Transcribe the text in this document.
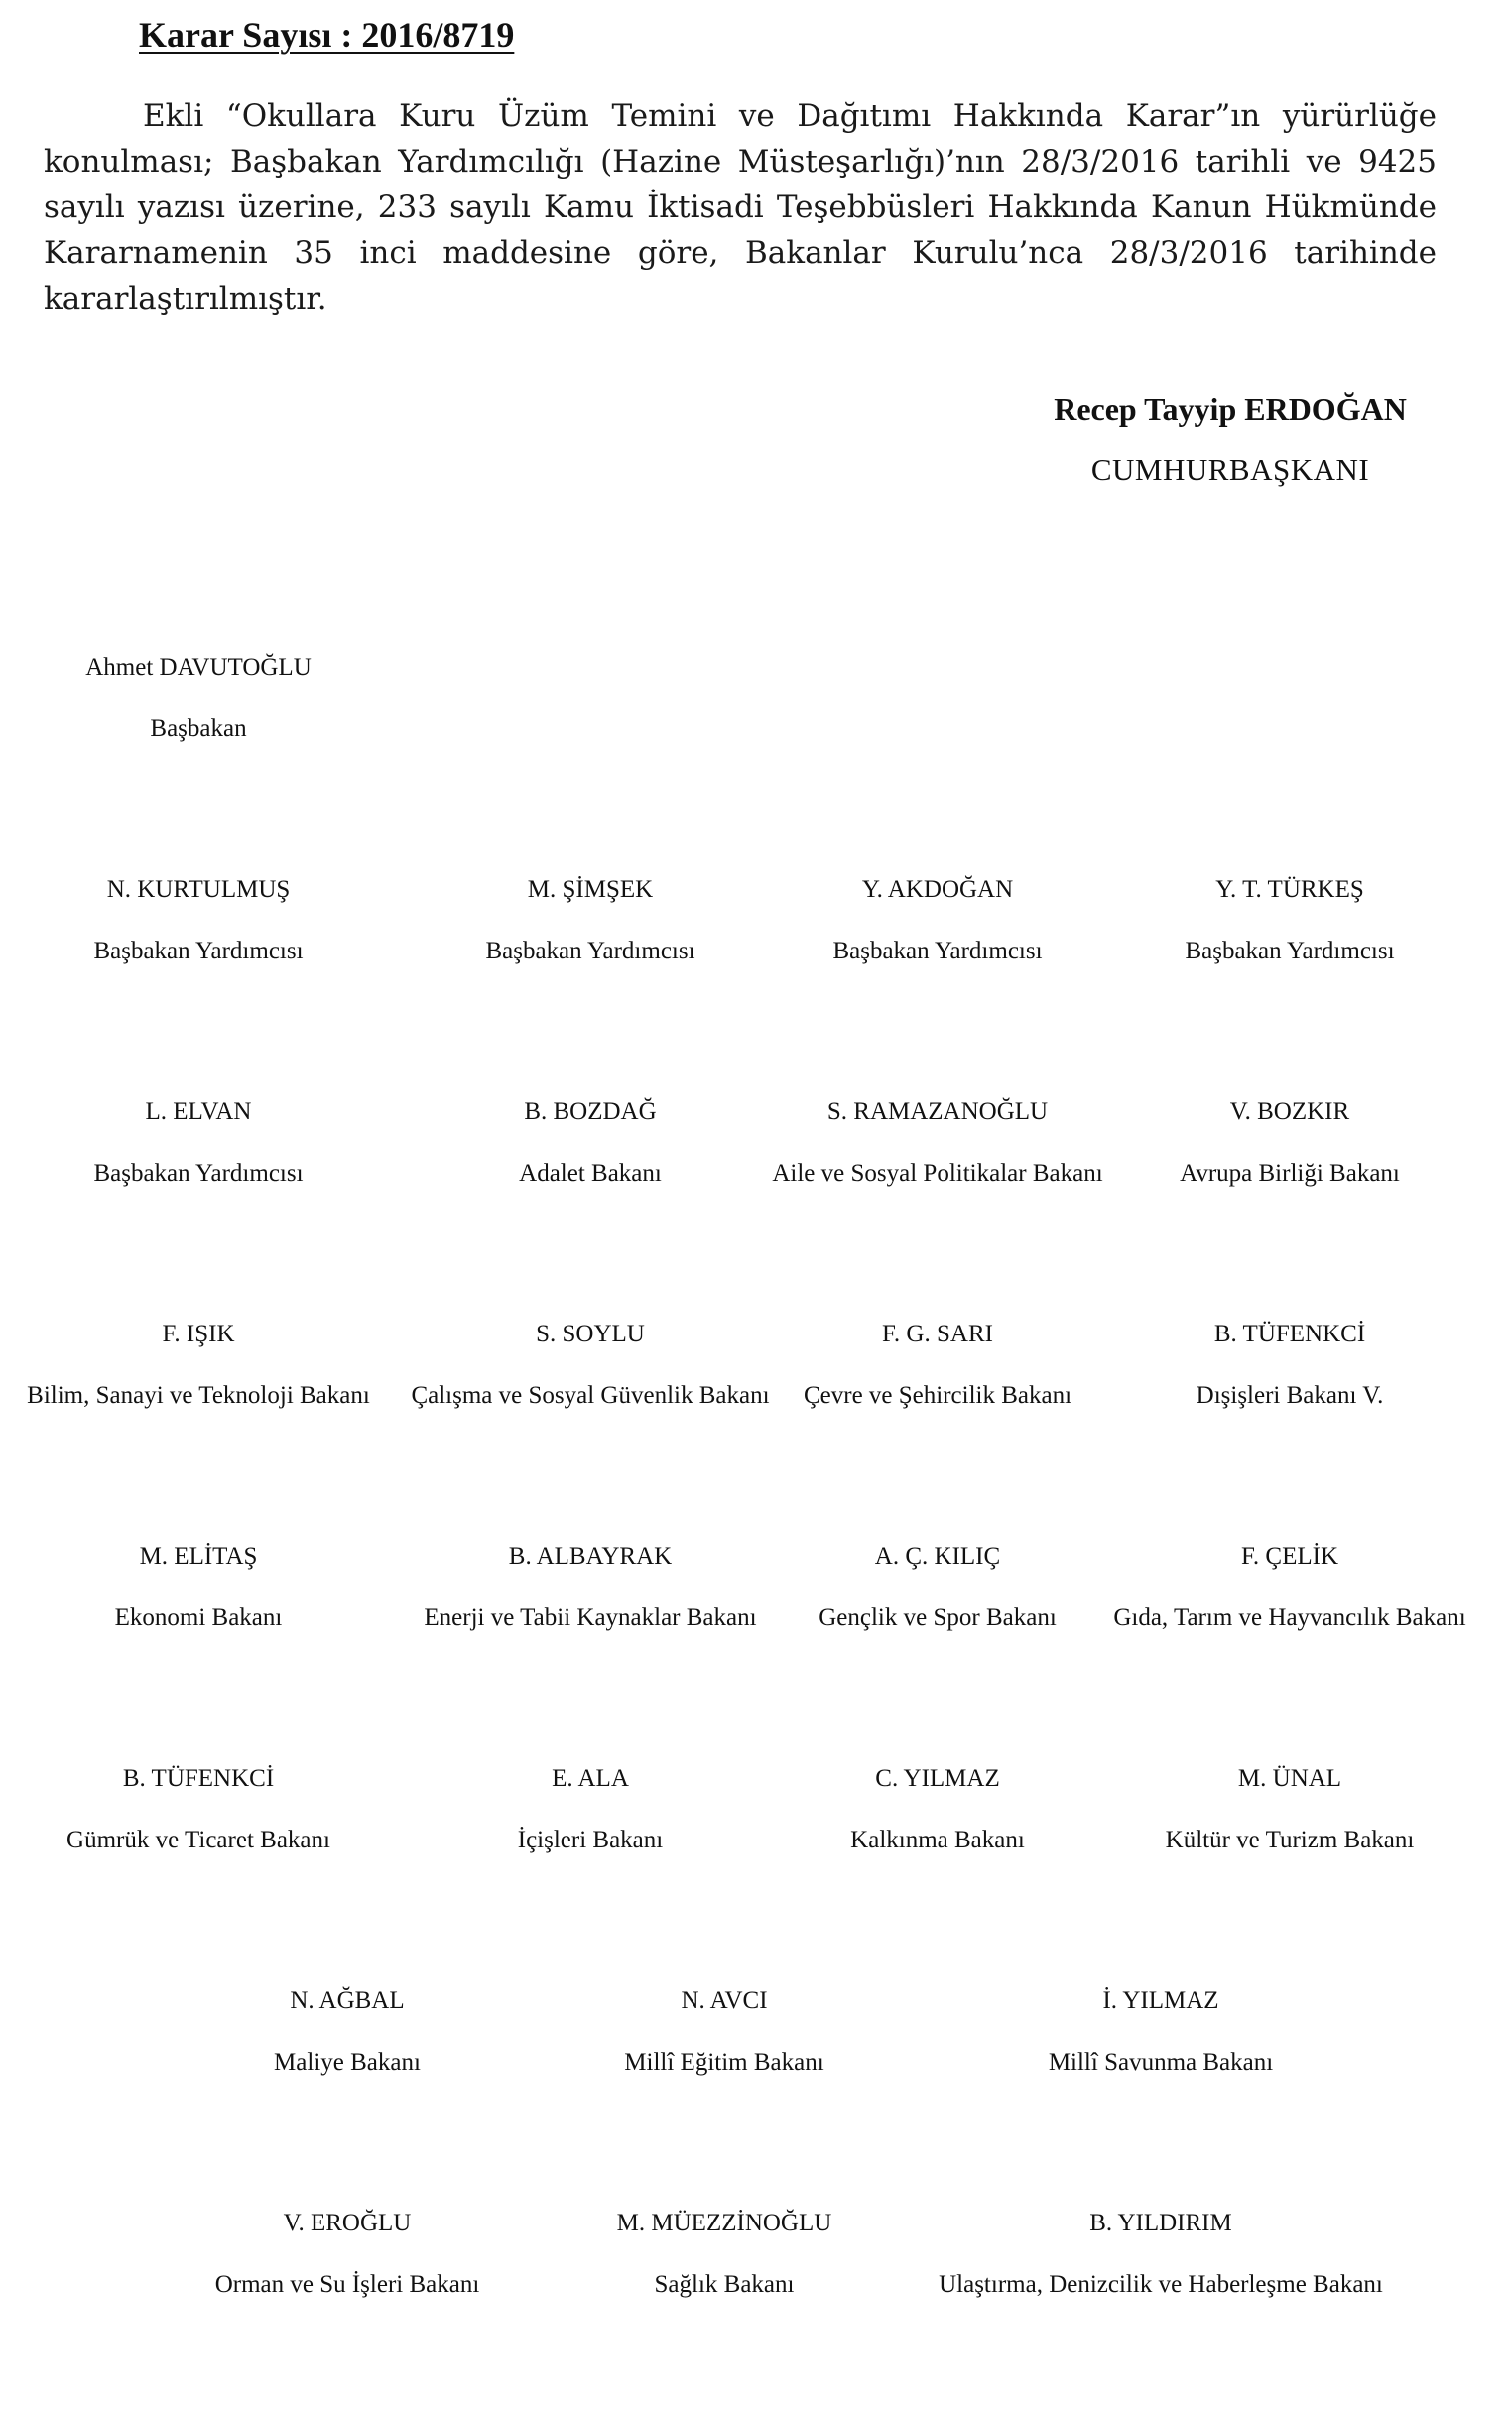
Karar Sayısı : 2016/8719
Ekli “Okullara Kuru Üzüm Temini ve Dağıtımı Hakkında Karar”ın yürürlüğe konulması; Başbakan Yardımcılığı (Hazine Müsteşarlığı)’nın 28/3/2016 tarihli ve 9425 sayılı yazısı üzerine, 233 sayılı Kamu İktisadi Teşebbüsleri Hakkında Kanun Hükmünde Kararnamenin 35 inci maddesine göre, Bakanlar Kurulu’nca 28/3/2016 tarihinde kararlaştırılmıştır.
Recep Tayyip ERDOĞAN
CUMHURBAŞKANI
Ahmet DAVUTOĞLU
Başbakan
N. KURTULMUŞ
Başbakan Yardımcısı
M. ŞİMŞEK
Başbakan Yardımcısı
Y. AKDOĞAN
Başbakan Yardımcısı
Y. T. TÜRKEŞ
Başbakan Yardımcısı
L. ELVAN
Başbakan Yardımcısı
B. BOZDAĞ
Adalet Bakanı
S. RAMAZANOĞLU
Aile ve Sosyal Politikalar Bakanı
V. BOZKIR
Avrupa Birliği Bakanı
F. IŞIK
Bilim, Sanayi ve Teknoloji Bakanı
S. SOYLU
Çalışma ve Sosyal Güvenlik Bakanı
F. G. SARI
Çevre ve Şehircilik Bakanı
B. TÜFENKCİ
Dışişleri Bakanı V.
M. ELİTAŞ
Ekonomi Bakanı
B. ALBAYRAK
Enerji ve Tabii Kaynaklar Bakanı
A. Ç. KILIÇ
Gençlik ve Spor Bakanı
F. ÇELİK
Gıda, Tarım ve Hayvancılık Bakanı
B. TÜFENKCİ
Gümrük ve Ticaret Bakanı
E. ALA
İçişleri Bakanı
C. YILMAZ
Kalkınma Bakanı
M. ÜNAL
Kültür ve Turizm Bakanı
N. AĞBAL
Maliye Bakanı
N. AVCI
Millî Eğitim Bakanı
İ. YILMAZ
Millî Savunma Bakanı
V. EROĞLU
Orman ve Su İşleri Bakanı
M. MÜEZZİNOĞLU
Sağlık Bakanı
B. YILDIRIM
Ulaştırma, Denizcilik ve Haberleşme Bakanı
